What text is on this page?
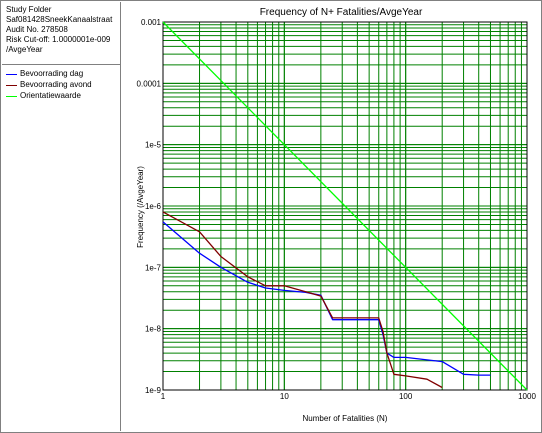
Study Folder
Saf081428SneekKanaalstraat
Audit No. 278508
Risk Cut-off: 1.0000001e-009
/AvgeYear
Bevoorrading dag
Bevoorrading avond
Orientatiewaarde
Frequency of N+ Fatalities/AvgeYear
1	10	100	1000
0.001
0.0001
1e-5
1e-6
1e-7
1e-8
1e-9
Number of Fatalities (N)
Frequency (/AvgeYear)
